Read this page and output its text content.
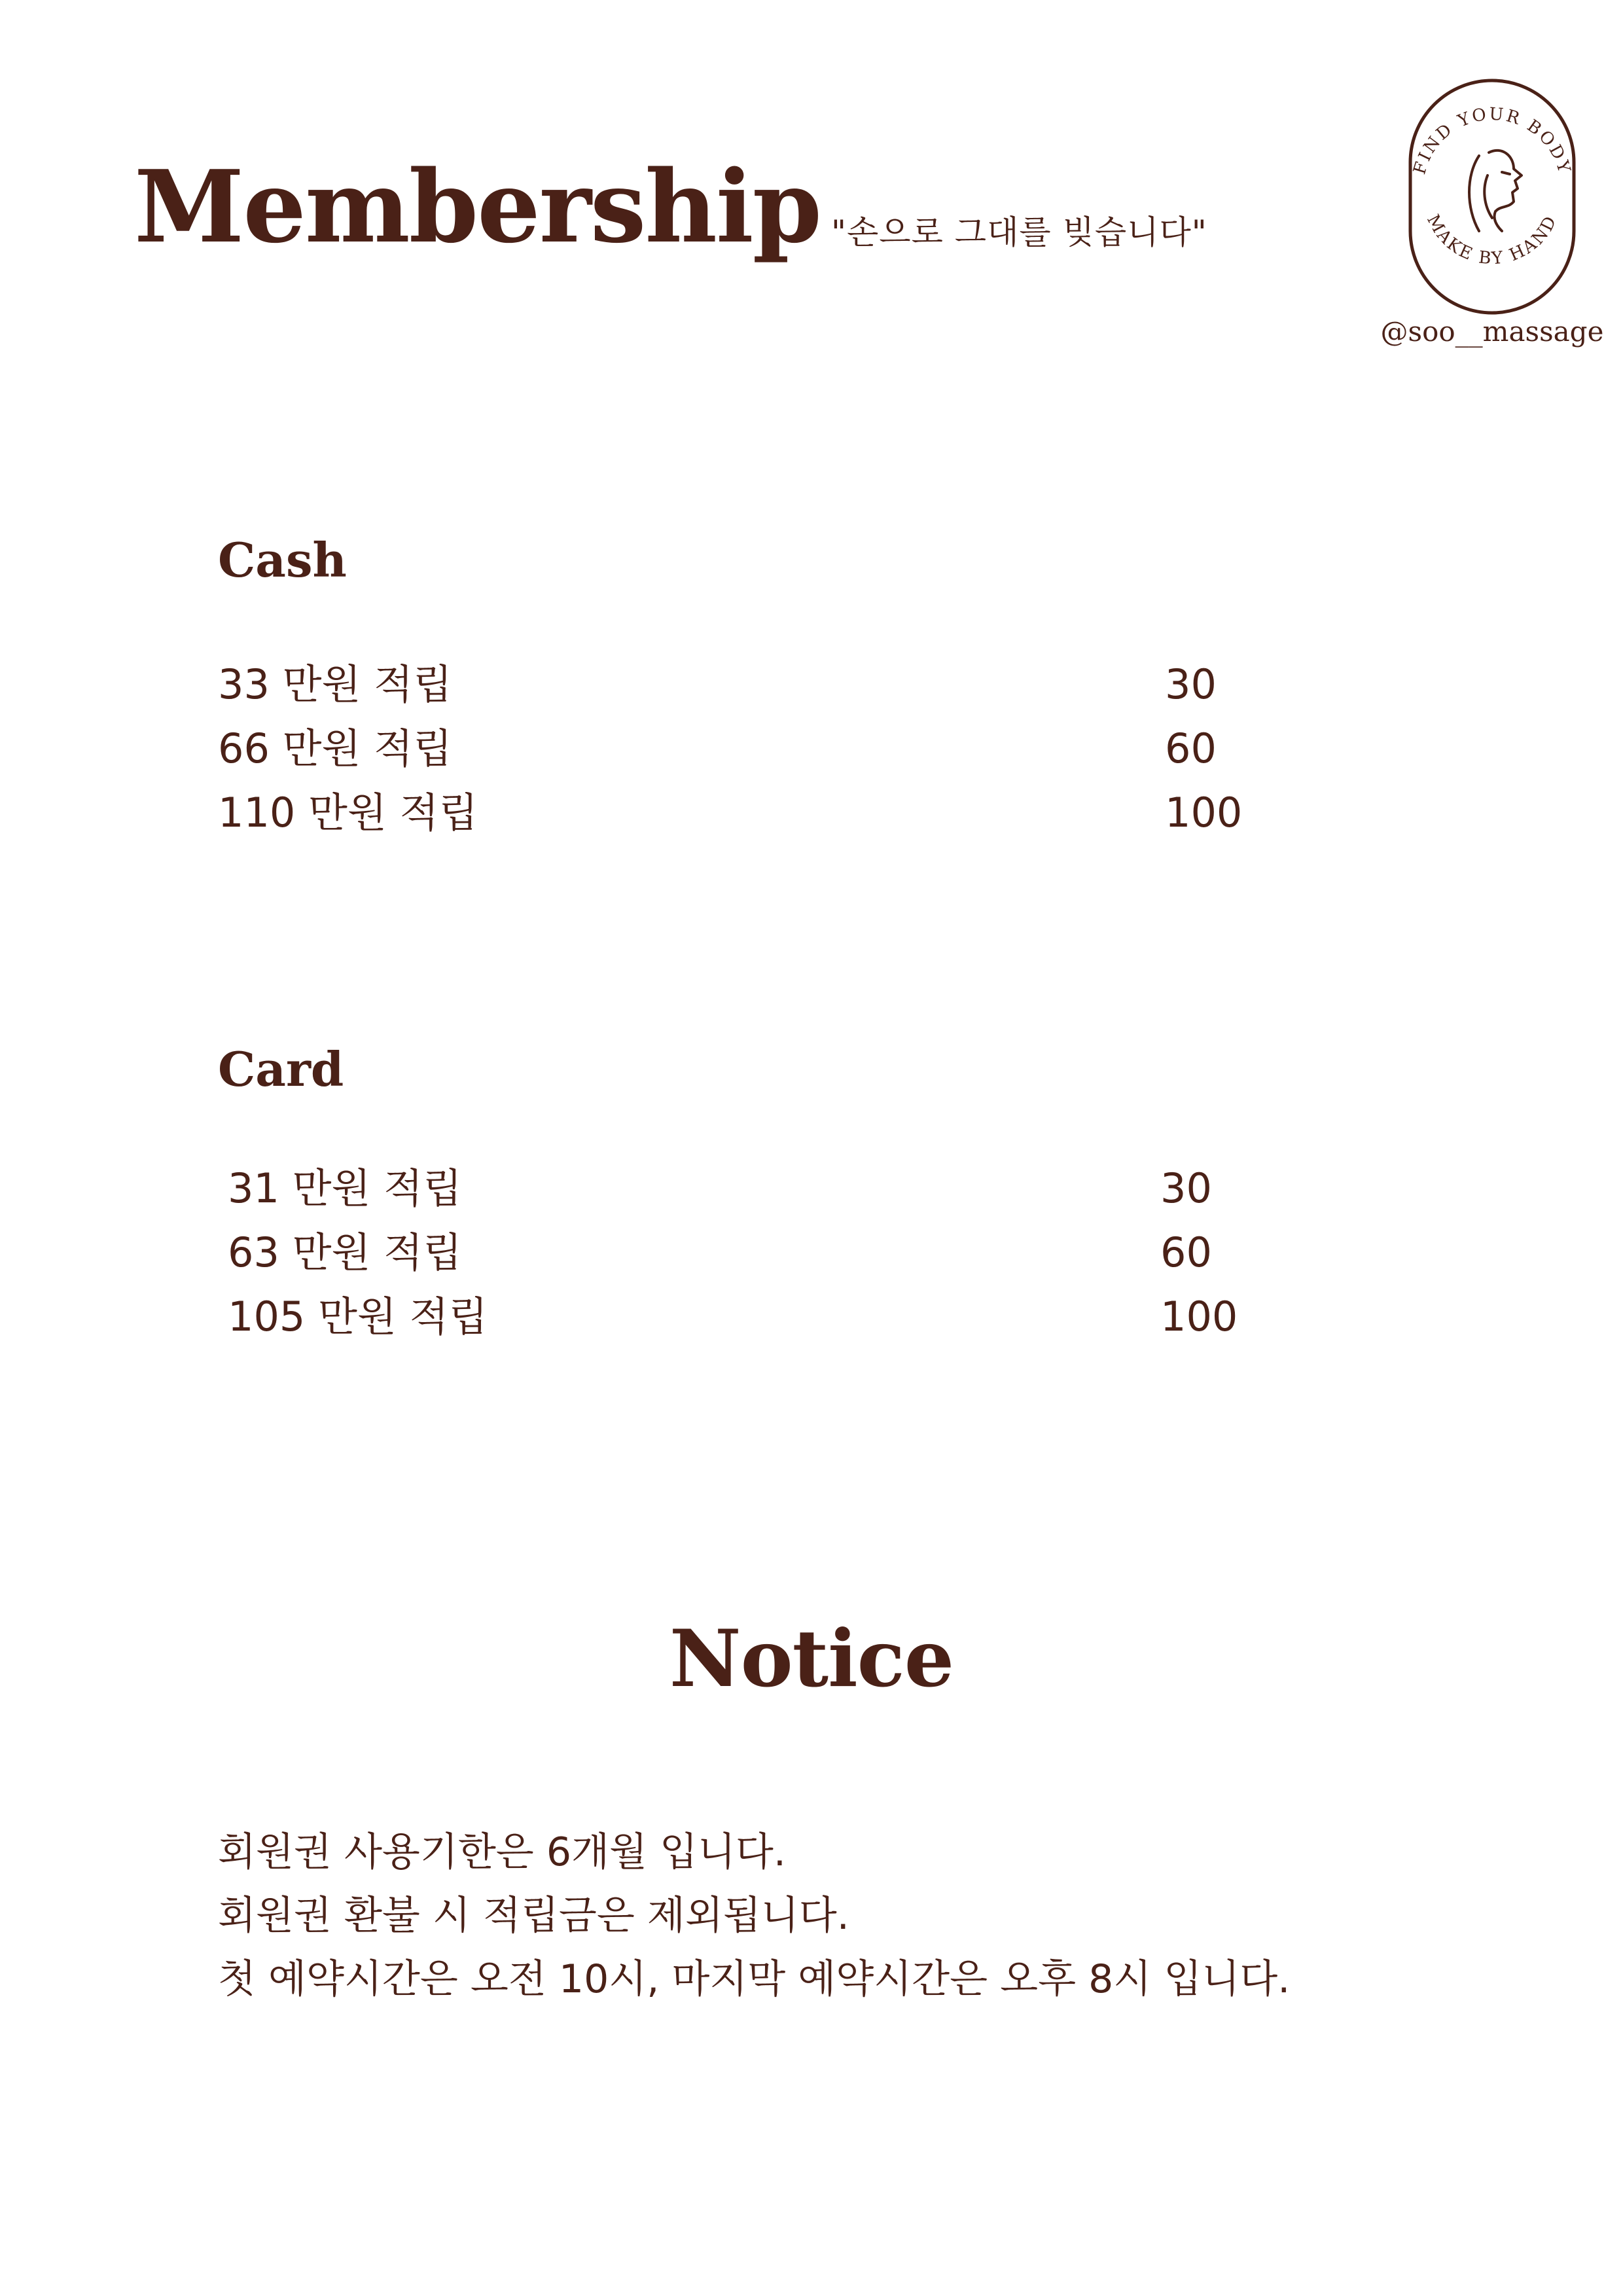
Membership "손으로 그대를 빚습니다"
FIND YOUR BODY
MAKE BY HAND
@soo__massage
Cash
33 만원 적립	30
66 만원 적립	60
110 만원 적립	100
Card
31 만원 적립	30
63 만원 적립	60
105 만원 적립	100
Notice
회원권 사용기한은 6개월 입니다.
회원권 환불 시 적립금은 제외됩니다.
첫 예약시간은 오전 10시, 마지막 예약시간은 오후 8시 입니다.
